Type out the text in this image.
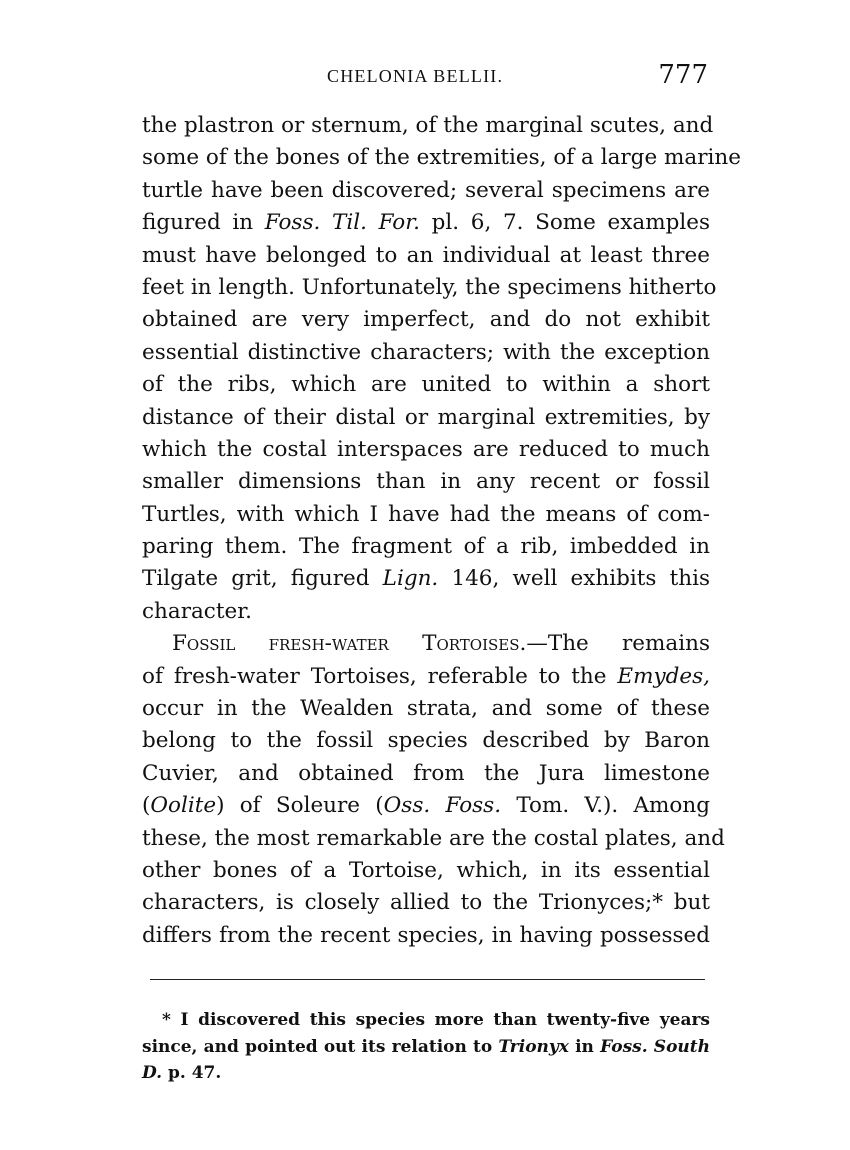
CHELONIA BELLII.	777
the plastron or sternum, of the marginal scutes, and
some of the bones of the extremities, of a large marine
turtle have been discovered; several specimens are
figured in Foss. Til. For. pl. 6, 7. Some examples
must have belonged to an individual at least three
feet in length. Unfortunately, the specimens hitherto
obtained are very imperfect, and do not exhibit
essential distinctive characters; with the exception
of the ribs, which are united to within a short
distance of their distal or marginal extremities, by
which the costal interspaces are reduced to much
smaller dimensions than in any recent or fossil
Turtles, with which I have had the means of com-
paring them. The fragment of a rib, imbedded in
Tilgate grit, figured Lign. 146, well exhibits this
character.
Fossil fresh-water Tortoises.—The remains
of fresh-water Tortoises, referable to the Emydes,
occur in the Wealden strata, and some of these
belong to the fossil species described by Baron
Cuvier, and obtained from the Jura limestone
(Oolite) of Soleure (Oss. Foss. Tom. V.). Among
these, the most remarkable are the costal plates, and
other bones of a Tortoise, which, in its essential
characters, is closely allied to the Trionyces;* but
differs from the recent species, in having possessed
* I discovered this species more than twenty-five years
since, and pointed out its relation to Trionyx in Foss. South
D. p. 47.
